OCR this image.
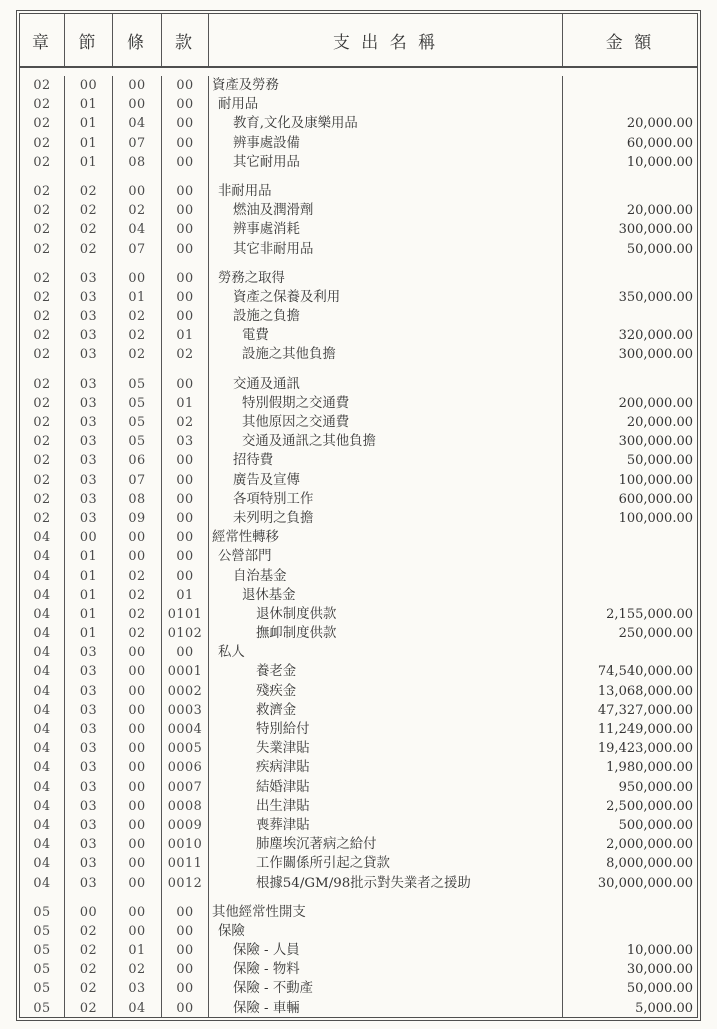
章	節	條	款	支 出 名 稱	金 額
02	00	00	00	資產及勞務
02	01	00	00	耐用品
02	01	04	00	教育,文化及康樂用品	20,000.00
02	01	07	00	辨事處設備	60,000.00
02	01	08	00	其它耐用品	10,000.00
02	02	00	00	非耐用品
02	02	02	00	燃油及潤滑劑	20,000.00
02	02	04	00	辨事處消耗	300,000.00
02	02	07	00	其它非耐用品	50,000.00
02	03	00	00	勞務之取得
02	03	01	00	資產之保養及利用	350,000.00
02	03	02	00	設施之負擔
02	03	02	01	電費	320,000.00
02	03	02	02	設施之其他負擔	300,000.00
02	03	05	00	交通及通訊
02	03	05	01	特別假期之交通費	200,000.00
02	03	05	02	其他原因之交通費	20,000.00
02	03	05	03	交通及通訊之其他負擔	300,000.00
02	03	06	00	招待費	50,000.00
02	03	07	00	廣告及宣傳	100,000.00
02	03	08	00	各項特別工作	600,000.00
02	03	09	00	未列明之負擔	100,000.00
04	00	00	00	經常性轉移
04	01	00	00	公營部門
04	01	02	00	自治基金
04	01	02	01	退休基金
04	01	02	0101	退休制度供款	2,155,000.00
04	01	02	0102	撫卹制度供款	250,000.00
04	03	00	00	私人
04	03	00	0001	養老金	74,540,000.00
04	03	00	0002	殘疾金	13,068,000.00
04	03	00	0003	救濟金	47,327,000.00
04	03	00	0004	特別給付	11,249,000.00
04	03	00	0005	失業津貼	19,423,000.00
04	03	00	0006	疾病津貼	1,980,000.00
04	03	00	0007	結婚津貼	950,000.00
04	03	00	0008	出生津貼	2,500,000.00
04	03	00	0009	喪葬津貼	500,000.00
04	03	00	0010	肺塵埃沉著病之給付	2,000,000.00
04	03	00	0011	工作關係所引起之貸款	8,000,000.00
04	03	00	0012	根據54/GM/98批示對失業者之援助	30,000,000.00
05	00	00	00	其他經常性開支
05	02	00	00	保險
05	02	01	00	保險 - 人員	10,000.00
05	02	02	00	保險 - 物料	30,000.00
05	02	03	00	保險 - 不動產	50,000.00
05	02	04	00	保險 - 車輛	5,000.00
